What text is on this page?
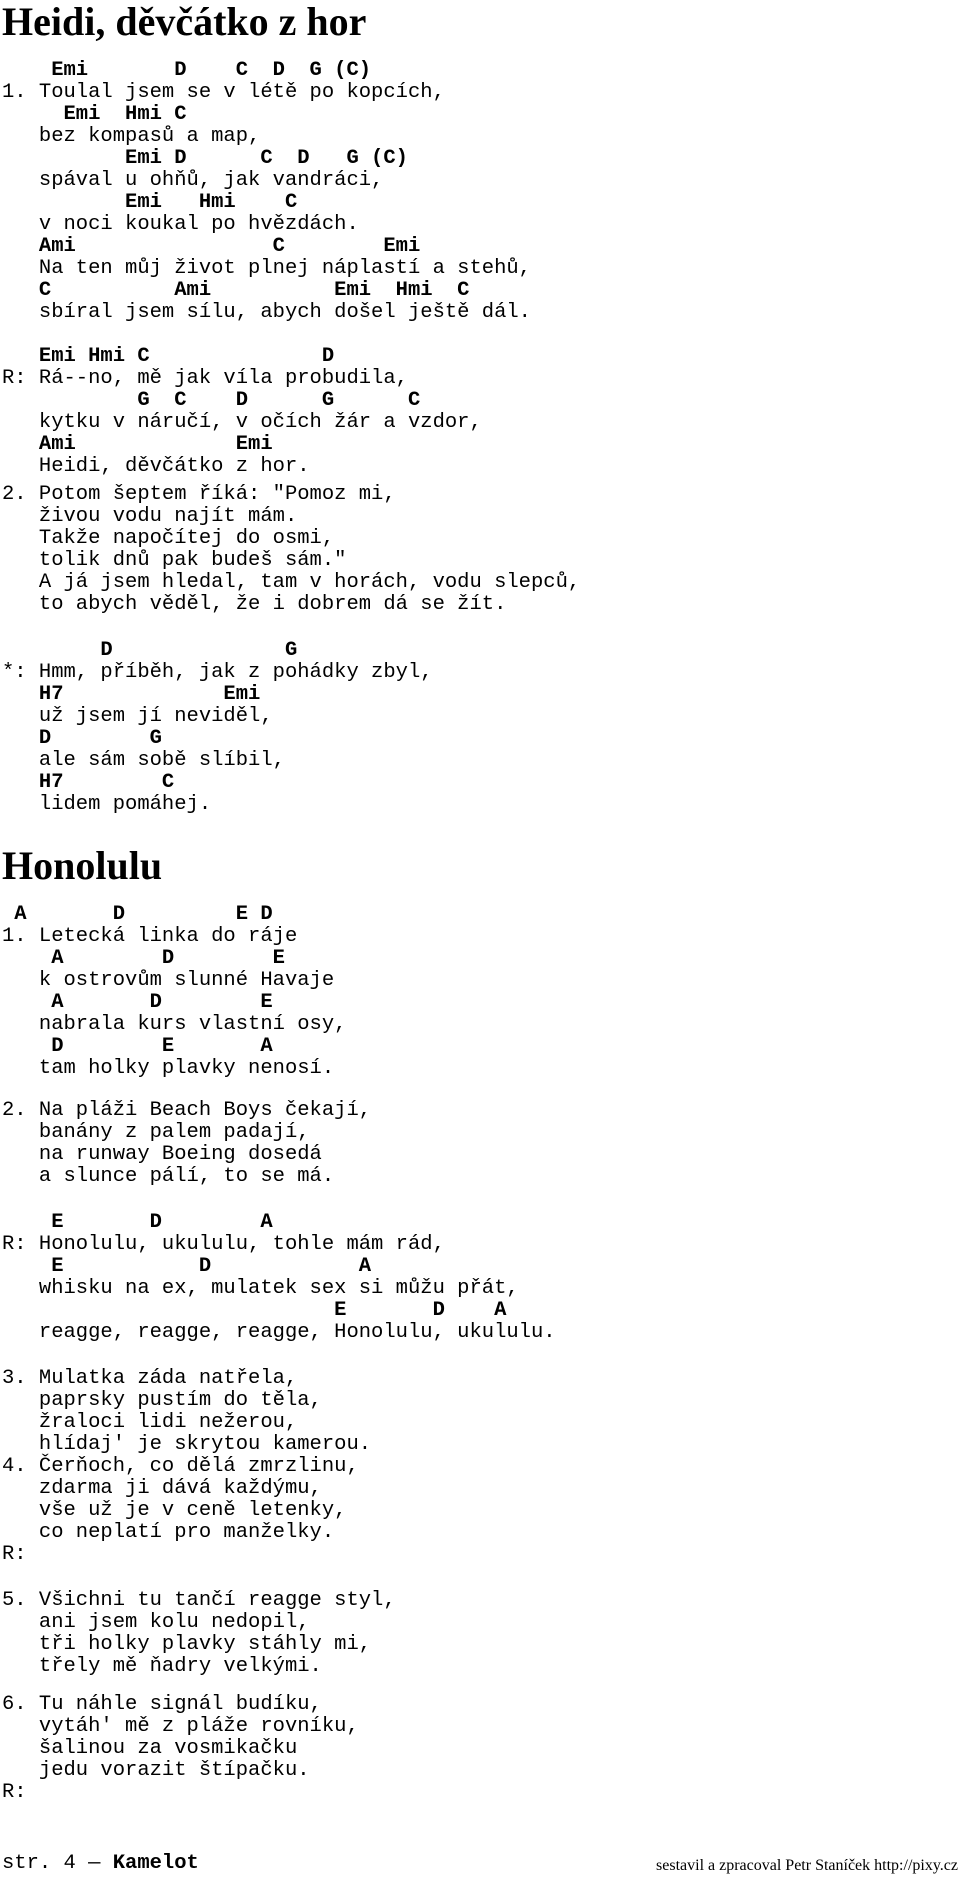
Heidi, děvčátko z hor
Emi       D    C  D  G (C)
1. Toulal jsem se v létě po kopcích,
Emi  Hmi C
bez kompasů a map,
Emi D      C  D   G (C)
spával u ohňů, jak vandráci,
Emi   Hmi    C
v noci koukal po hvězdách.
Ami                C        Emi
Na ten můj život plnej náplastí a stehů,
C          Ami          Emi  Hmi  C
sbíral jsem sílu, abych došel ještě dál.
Emi Hmi C              D
R: Rá--no, mě jak víla probudila,
G  C    D      G      C
kytku v náručí, v očích žár a vzdor,
Ami             Emi
Heidi, děvčátko z hor.
2. Potom šeptem říká: "Pomoz mi,
živou vodu najít mám.
Takže napočítej do osmi,
tolik dnů pak budeš sám."
A já jsem hledal, tam v horách, vodu slepců,
to abych věděl, že i dobrem dá se žít.
D              G
*: Hmm, příběh, jak z pohádky zbyl,
H7             Emi
už jsem jí neviděl,
D        G
ale sám sobě slíbil,
H7        C
lidem pomáhej.
Honolulu
A       D         E D
1. Letecká linka do ráje
A        D        E
k ostrovům slunné Havaje
A       D        E
nabrala kurs vlastní osy,
D        E       A
tam holky plavky nenosí.
2. Na pláži Beach Boys čekají,
banány z palem padají,
na runway Boeing dosedá
a slunce pálí, to se má.
E       D        A
R: Honolulu, ukululu, tohle mám rád,
E           D            A
whisku na ex, mulatek sex si můžu přát,
E       D    A
reagge, reagge, reagge, Honolulu, ukululu.
3. Mulatka záda natřela,
paprsky pustím do těla,
žraloci lidi nežerou,
hlídaj' je skrytou kamerou.
4. Čerňoch, co dělá zmrzlinu,
zdarma ji dává každýmu,
vše už je v ceně letenky,
co neplatí pro manželky.
R:
5. Všichni tu tančí reagge styl,
ani jsem kolu nedopil,
tři holky plavky stáhly mi,
třely mě ňadry velkými.
6. Tu náhle signál budíku,
vytáh' mě z pláže rovníku,
šalinou za vosmikačku
jedu vorazit štípačku.
R:
str. 4 — Kamelot	sestavil a zpracoval Petr Staníček http://pixy.cz
